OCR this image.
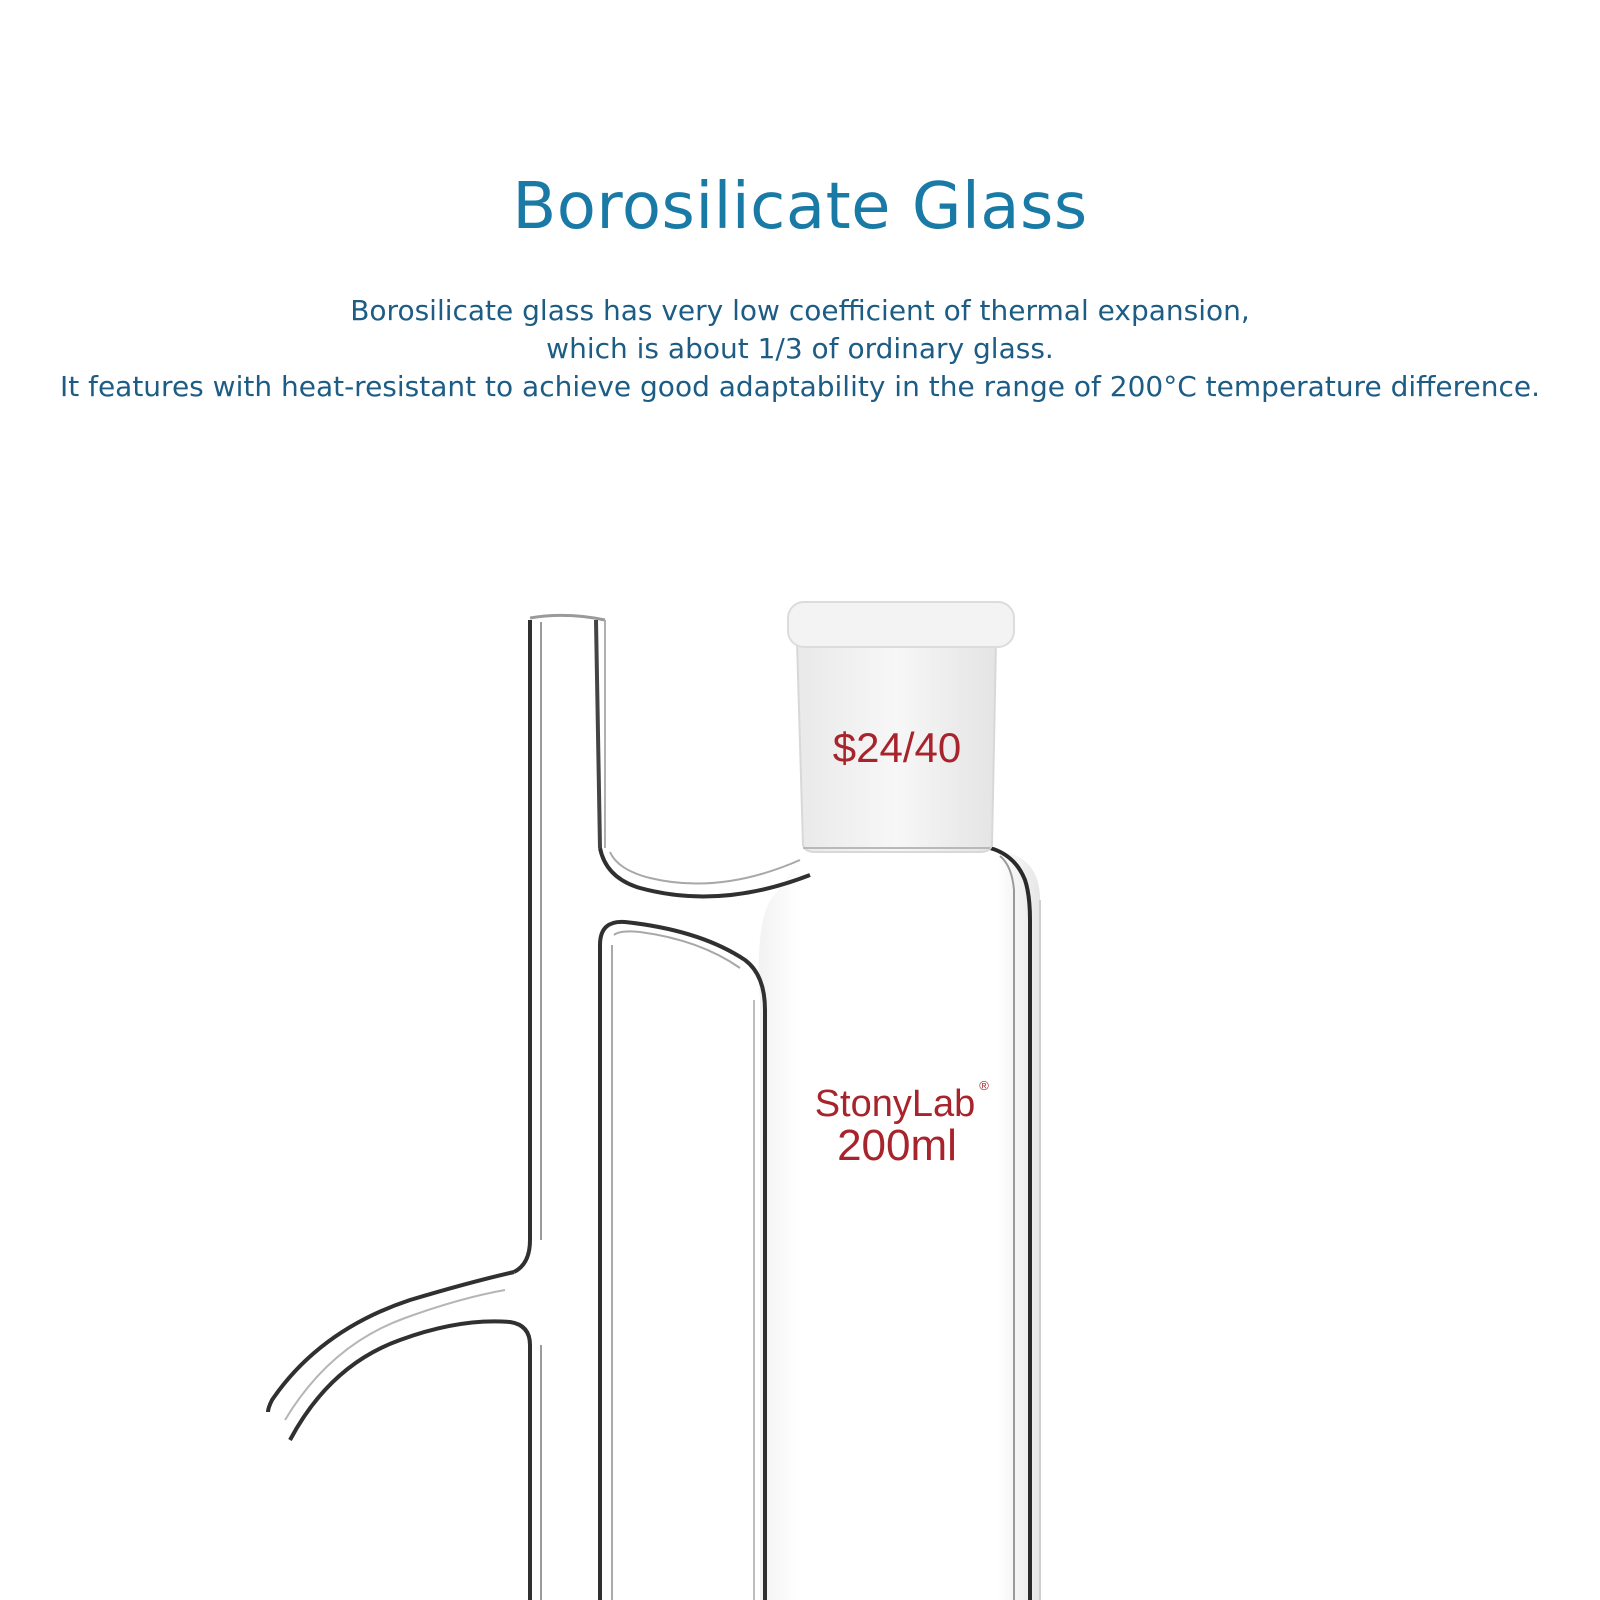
Borosilicate Glass
Borosilicate glass has very low coefficient of thermal expansion,
which is about 1/3 of ordinary glass.
It features with heat-resistant to achieve good adaptability in the range of 200°C temperature difference.
$24/40
StonyLab ®
200ml
